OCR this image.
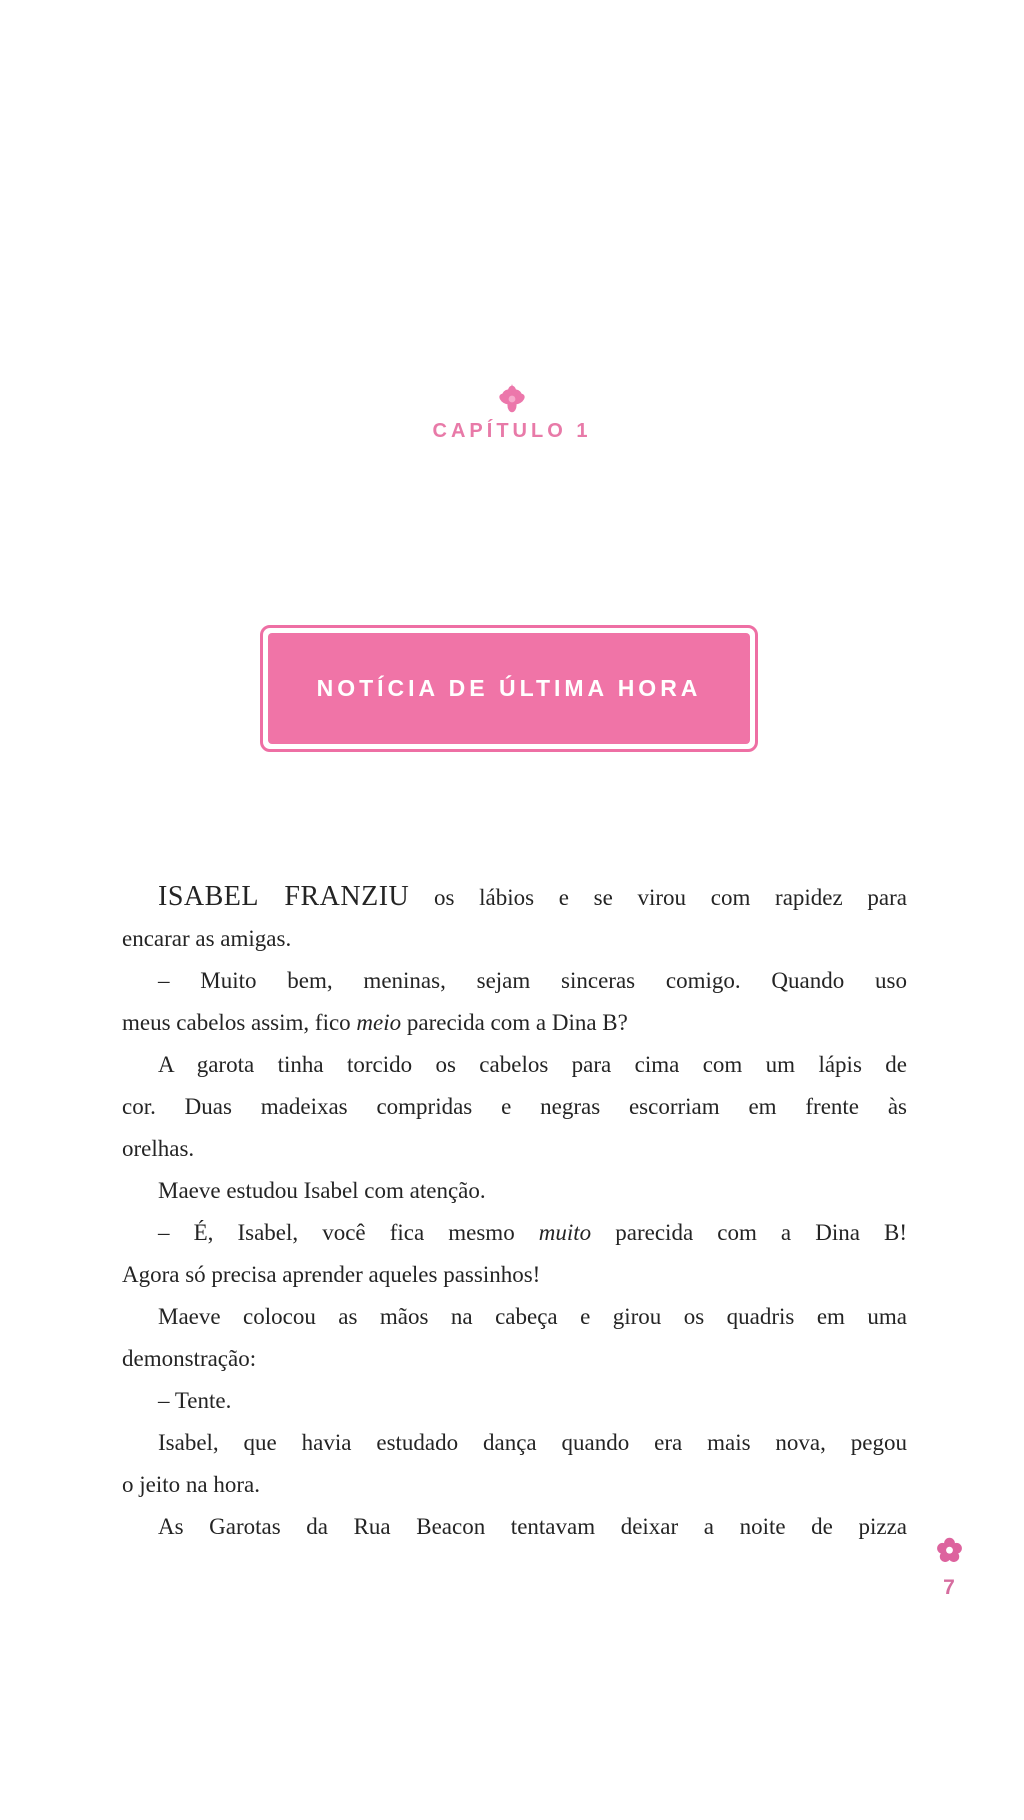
CAPÍTULO 1
NOTÍCIA DE ÚLTIMA HORA
ISABEL FRANZIU os lábios e se virou com rapidez para
encarar as amigas.
– Muito bem, meninas, sejam sinceras comigo. Quando uso
meus cabelos assim, fico meio parecida com a Dina B?
A garota tinha torcido os cabelos para cima com um lápis de
cor. Duas madeixas compridas e negras escorriam em frente às
orelhas.
Maeve estudou Isabel com atenção.
– É, Isabel, você fica mesmo muito parecida com a Dina B!
Agora só precisa aprender aqueles passinhos!
Maeve colocou as mãos na cabeça e girou os quadris em uma
demonstração:
– Tente.
Isabel, que havia estudado dança quando era mais nova, pegou
o jeito na hora.
As Garotas da Rua Beacon tentavam deixar a noite de pizza
7
